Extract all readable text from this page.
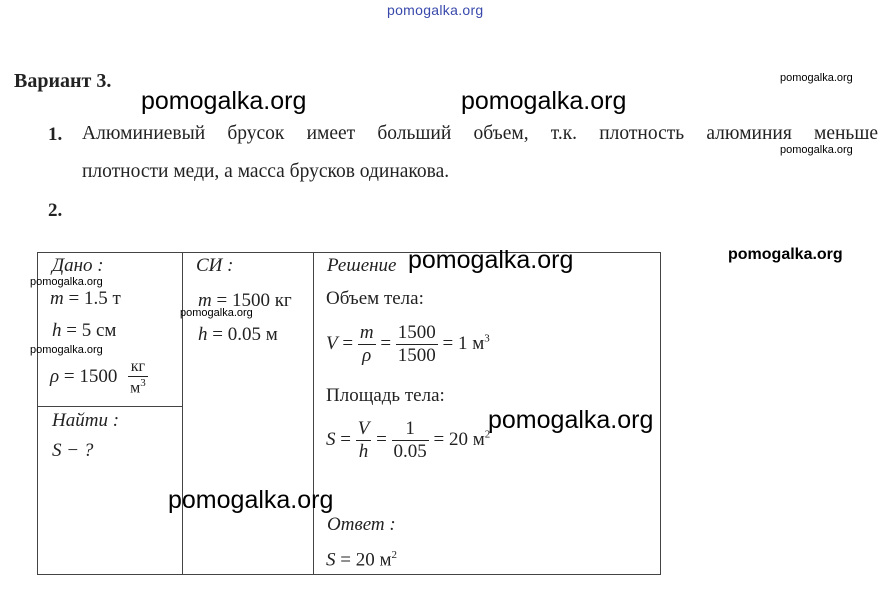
pomogalka.org
Вариант 3.
pomogalka.org	pomogalka.org
pomogalka.org
pomogalka.org
1. Алюминиевый брусок имеет больший объем, т.к. плотность алюминия меньше
плотности меди, а масса брусков одинакова.
2.
Дано :
m = 1.5 т
h = 5 см
$\rho = 1500 \frac{кг}{м^3}$
Найти :
S − ?
СИ :
m = 1500 кг
h = 0.05 м
Решение
Объем тела:
$V = \frac{m}{\rho} = \frac{1500}{1500} = 1$ $м^3$
Площадь тела:
$S = \frac{V}{h} = \frac{1}{0.05} = 20$ $м^2$
Ответ :
S = 20 $м^2$
pomogalka.org	pomogalka.org
pomogalka.org
pomogalka.org
pomogalka.org
pomogalka.org
pomogalka.org
